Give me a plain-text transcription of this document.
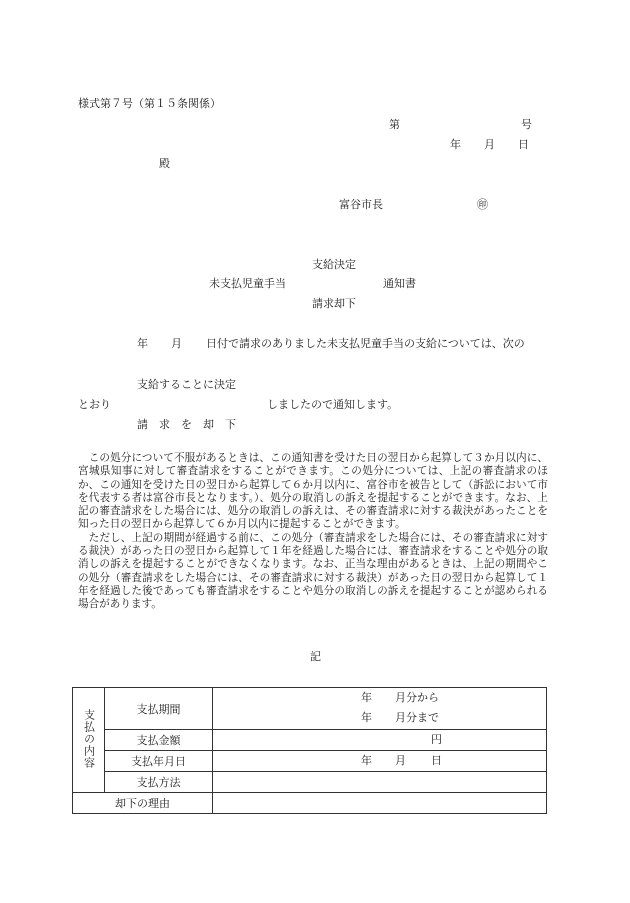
様式第７号（第１５条関係）
第	号
年 月 日
殿
富谷市長	㊞
支給決定
未支払児童手当	通知書
請求却下
年 月 日付で請求のありました未支払児童手当の支給については、次の
支給することに決定
とおり	しましたので通知します。
請　求　を　却　下

　この処分について不服があるときは、この通知書を受けた日の翌日から起算して３か月以内に、宮城県知事に対して審査請求をすることができます。この処分については、上記の審査請求のほか、この通知を受けた日の翌日から起算して６か月以内に、富谷市を被告として（訴訟において市を代表する者は富谷市長となります。）、処分の取消しの訴えを提起することができます。なお、上記の審査請求をした場合には、処分の取消しの訴えは、その審査請求に対する裁決があったことを知った日の翌日から起算して６か月以内に提起することができます。

　ただし、上記の期間が経過する前に、この処分（審査請求をした場合には、その審査請求に対する裁決）があった日の翌日から起算して１年を経過した場合には、審査請求をすることや処分の取消しの訴えを提起することができなくなります。なお、正当な理由があるときは、上記の期間やこの処分（審査請求をした場合には、その審査請求に対する裁決）があった日の翌日から起算して１年を経過した後であっても審査請求をすることや処分の取消しの訴えを提起することが認められる場合があります。

記
支払の内容	支払期間	年 月分から

		年 月分まで

	支払金額	円

	支払年月日	年 月 日

	支払方法	
却下の理由		
